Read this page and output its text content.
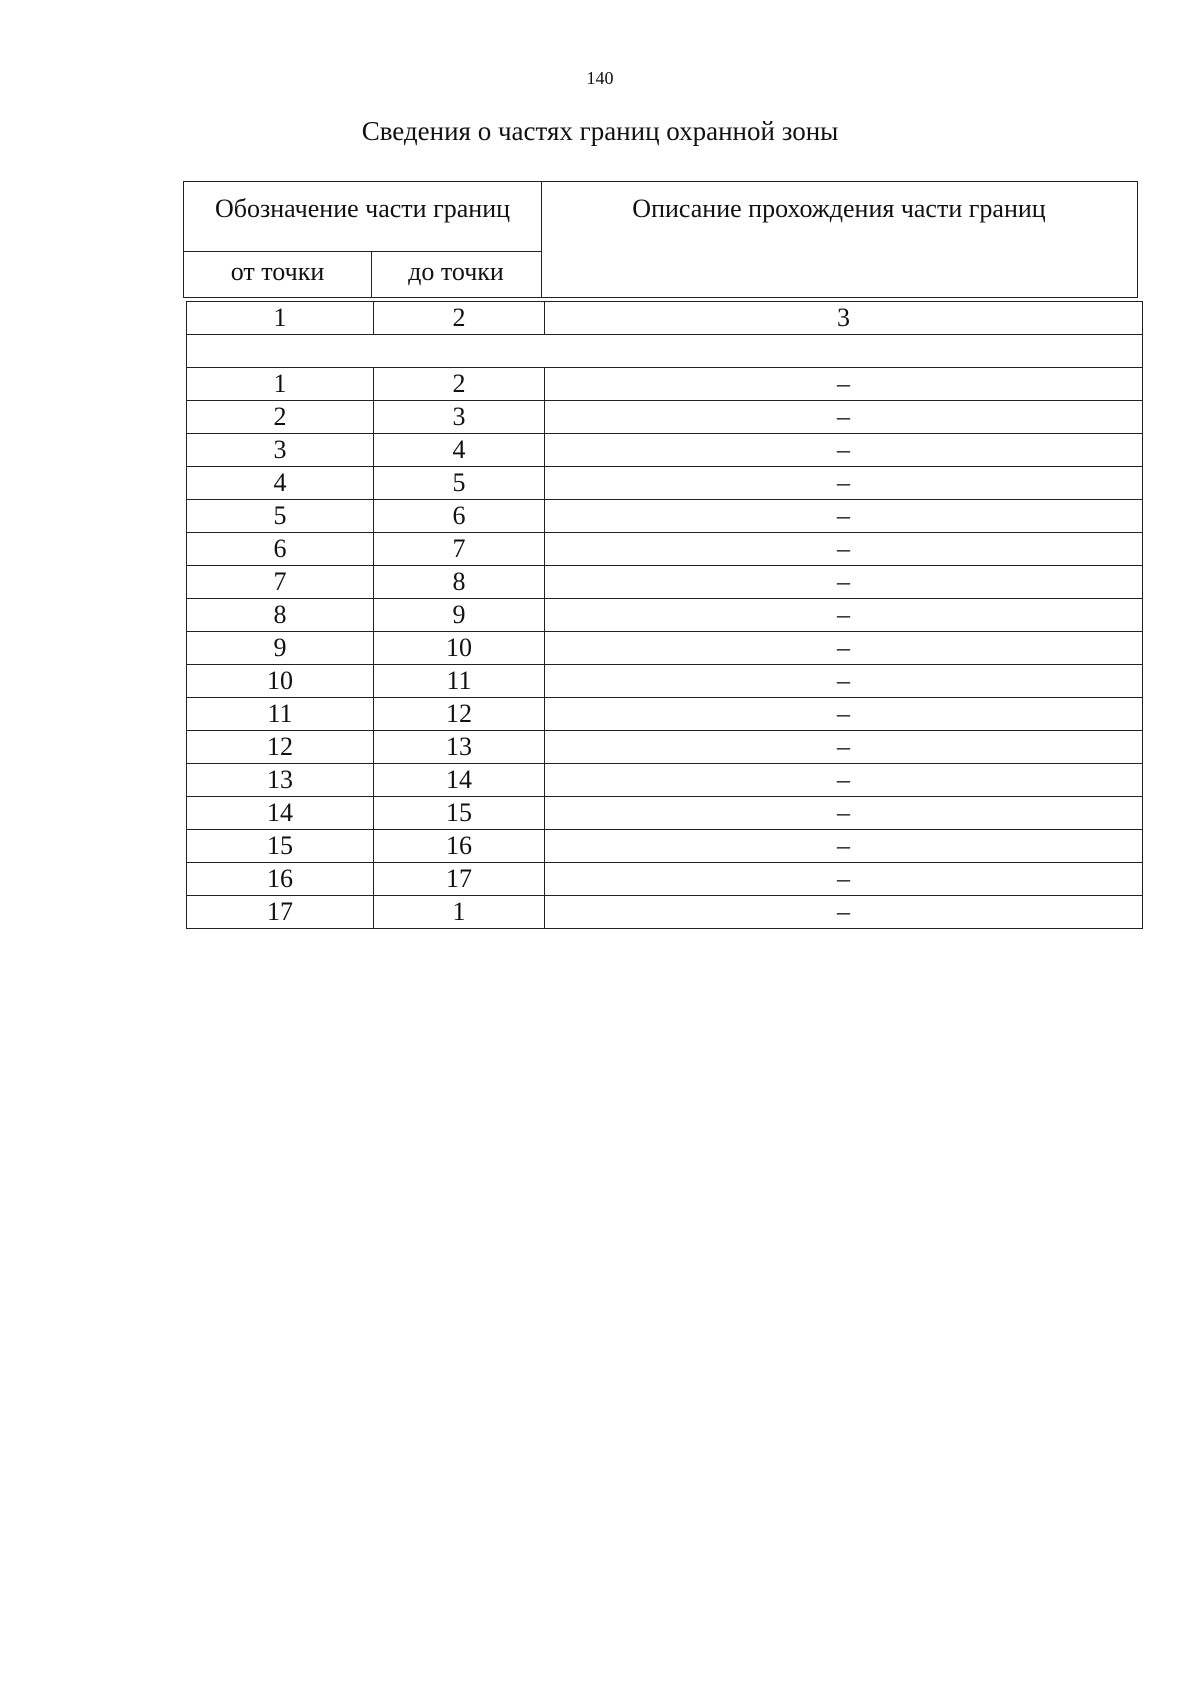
140
Сведения о частях границ охранной зоны
Обозначение части границ	Описание прохождения части границ
от точки	до точки
1	2	3

1	2	–
2	3	–
3	4	–
4	5	–
5	6	–
6	7	–
7	8	–
8	9	–
9	10	–
10	11	–
11	12	–
12	13	–
13	14	–
14	15	–
15	16	–
16	17	–
17	1	–
